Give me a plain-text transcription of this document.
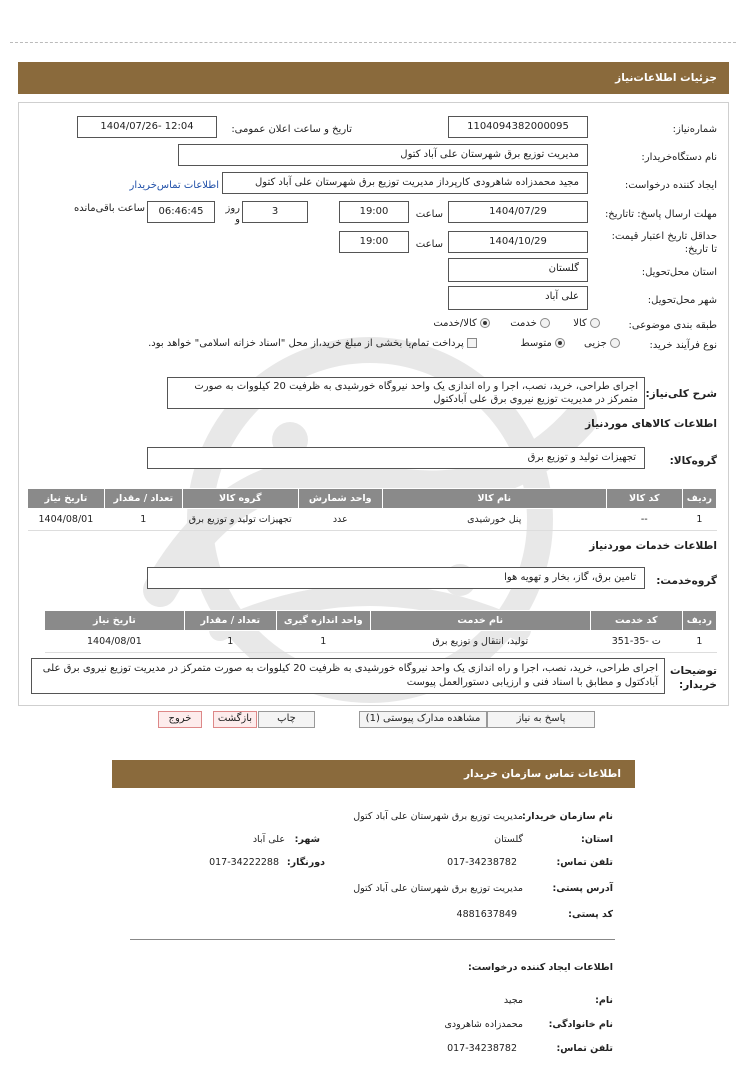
جزئیات اطلاعات‌نیاز
شماره‌نیاز:
1104094382000095
تاریخ و ساعت اعلان عمومی:
1404/07/26- 12:04
نام دستگاه‌خریدار:
مدیریت توزیع برق شهرستان علی آباد کتول
ایجاد کننده درخواست:
مجید محمدزاده شاهرودی کارپرداز مدیریت توزیع برق شهرستان علی آباد کتول
اطلاعات تماس‌خریدار
مهلت ارسال پاسخ: تاتاریخ:
1404/07/29
ساعت
19:00
3
روز و
06:46:45
ساعت باقی‌مانده
حداقل تاریخ اعتبار قیمت: تا تاریخ:
1404/10/29
ساعت
19:00
استان محل‌تحویل:
گلستان
شهر محل‌تحویل:
علی آباد
طبقه بندی موضوعی:
کالا
خدمت
کالا/خدمت
نوع فرآیند خرید:
جزیی
متوسط
پرداخت تمام‌یا بخشی از مبلغ خرید،از محل "اسناد خزانه اسلامی" خواهد بود.
شرح کلی‌نیاز:
اجرای طراحی، خرید، نصب، اجرا و راه اندازی یک واحد نیروگاه خورشیدی به ظرفیت 20 کیلووات به صورت متمرکز در مدیریت توزیع نیروی برق علی آبادکتول
اطلاعات کالاهای موردنیاز
گروه‌کالا:
تجهیزات تولید و توزیع برق
ردیف	کد کالا	نام کالا	واحد شمارش	گروه کالا	تعداد / مقدار	تاریخ نیاز
1	--	پنل خورشیدی	عدد	تجهیزات تولید و توزیع برق	1	1404/08/01
اطلاعات خدمات موردنیاز
گروه‌خدمت:
تامین برق، گاز، بخار و تهویه هوا
ردیف	کد خدمت	نام خدمت	واحد اندازه گیری	تعداد / مقدار	تاریخ نیاز
1	ت -35-351	تولید، انتقال و توزیع برق	1	1	1404/08/01
توضیحات خریدار:
اجرای طراحی، خرید، نصب، اجرا و راه اندازی یک واحد نیروگاه خورشیدی به ظرفیت 20 کیلووات به صورت متمرکز در مدیریت توزیع نیروی برق علی آبادکتول و مطابق با اسناد فنی و ارزیابی دستورالعمل پیوست
پاسخ به نیاز
مشاهده مدارک پیوستی (1)
چاپ
بازگشت
خروج
اطلاعات تماس سازمان خریدار
نام سازمان خریدار:
مدیریت توزیع برق شهرستان علی آباد کتول
استان:
گلستان
شهر:
علی آباد
تلفن تماس:
017-34238782
دورنگار:
017-34222288
آدرس پستی:
مدیریت توزیع برق شهرستان علی آباد کتول
کد پستی:
4881637849
اطلاعات ایجاد کننده درخواست:
نام:
مجید
نام خانوادگی:
محمدزاده شاهرودی
تلفن تماس:
017-34238782
